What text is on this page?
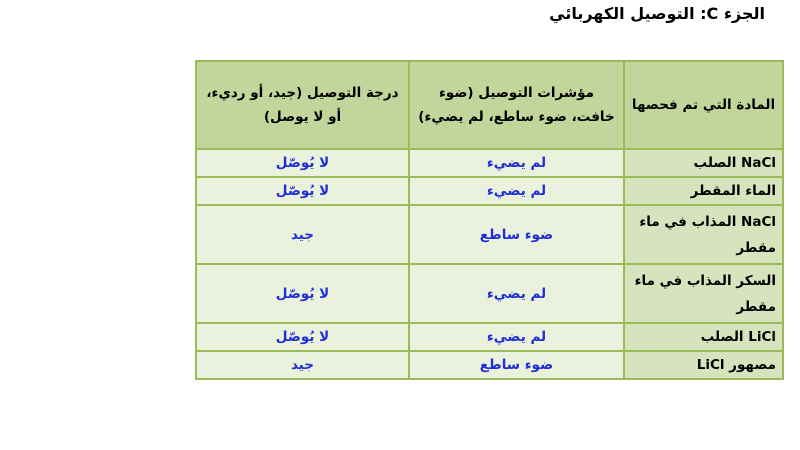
الجزء C: التوصيل الكهربائي
المادة التي تم فحصها	مؤشرات التوصيل (ضوء خافت، ضوء ساطع، لم يضيء)	درجة التوصيل (جيد، أو رديء، أو لا يوصل)
NaCl الصلب	لم يضيء	لا يُوصّل
الماء المقطر	لم يضيء	لا يُوصّل
NaCl المذاب في ماء مقطر	ضوء ساطع	جيد
السكر المذاب في ماء مقطر	لم يضيء	لا يُوصّل
LiCl الصلب	لم يضيء	لا يُوصّل
مصهور LiCl	ضوء ساطع	جيد
